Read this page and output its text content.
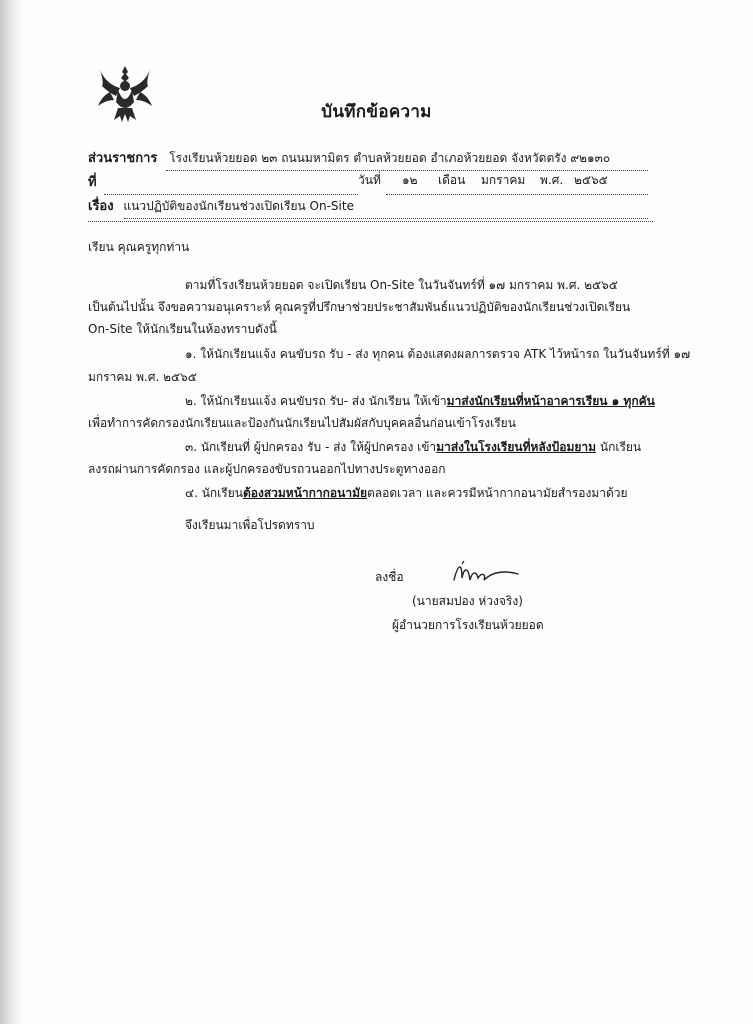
บันทึกข้อความ
ส่วนราชการ โรงเรียนห้วยยอด ๒๓ ถนนมหามิตร ตำบลห้วยยอด อำเภอห้วยยอด จังหวัดตรัง ๙๒๑๓๐
ที่	วันที่ ๑๒ เดือน มกราคม พ.ศ. ๒๕๖๕
เรื่อง แนวปฏิบัติของนักเรียนช่วงเปิดเรียน On-Site
เรียน คุณครูทุกท่าน
ตามที่โรงเรียนห้วยยอด จะเปิดเรียน On-Site ในวันจันทร์ที่ ๑๗ มกราคม พ.ศ. ๒๕๖๕
เป็นต้นไปนั้น จึงขอความอนุเคราะห์ คุณครูที่ปรึกษาช่วยประชาสัมพันธ์แนวปฏิบัติของนักเรียนช่วงเปิดเรียน
On-Site ให้นักเรียนในห้องทราบดังนี้
๑. ให้นักเรียนแจ้ง คนขับรถ รับ - ส่ง ทุกคน ต้องแสดงผลการตรวจ ATK ไว้หน้ารถ ในวันจันทร์ที่ ๑๗
มกราคม พ.ศ. ๒๕๖๕
๒. ให้นักเรียนแจ้ง คนขับรถ รับ- ส่ง นักเรียน ให้เข้ามาส่งนักเรียนที่หน้าอาคารเรียน ๑ ทุกคัน
เพื่อทำการคัดกรองนักเรียนและป้องกันนักเรียนไปสัมผัสกับบุคคลอื่นก่อนเข้าโรงเรียน
๓. นักเรียนที่ ผู้ปกครอง รับ - ส่ง ให้ผู้ปกครอง เข้ามาส่งในโรงเรียนที่หลังป้อมยาม นักเรียน
ลงรถผ่านการคัดกรอง และผู้ปกครองขับรถวนออกไปทางประตูทางออก
๔. นักเรียนต้องสวมหน้ากากอนามัยตลอดเวลา และควรมีหน้ากากอนามัยสำรองมาด้วย
จึงเรียนมาเพื่อโปรดทราบ
ลงชื่อ
(นายสมปอง ห่วงจริง)
ผู้อำนวยการโรงเรียนห้วยยอด
